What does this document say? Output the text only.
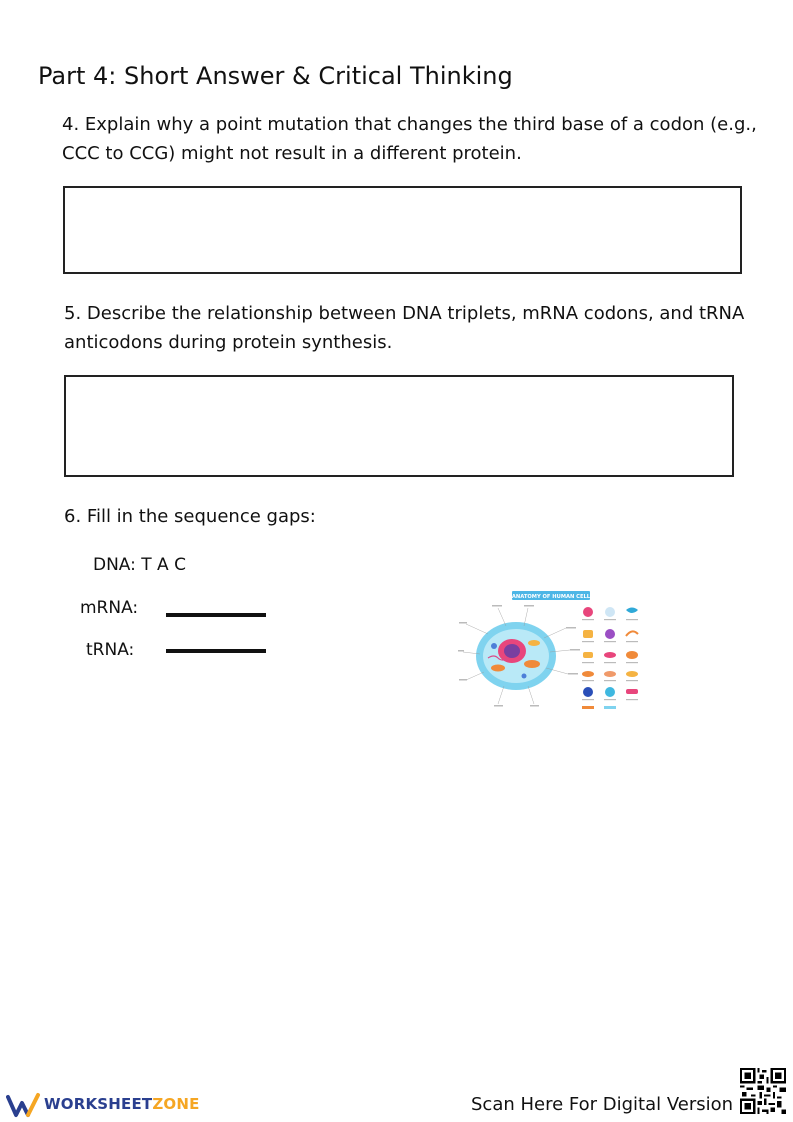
Part 4: Short Answer & Critical Thinking

4. Explain why a point mutation that changes the third base of a codon (e.g., CCC to CCG) might not result in a different protein.

5. Describe the relationship between DNA triplets, mRNA codons, and tRNA anticodons during protein synthesis.

6. Fill in the sequence gaps:

DNA: T A C
mRNA:
tRNA:
ANATOMY OF HUMAN CELL
WORKSHEETZONE	Scan Here For Digital Version
